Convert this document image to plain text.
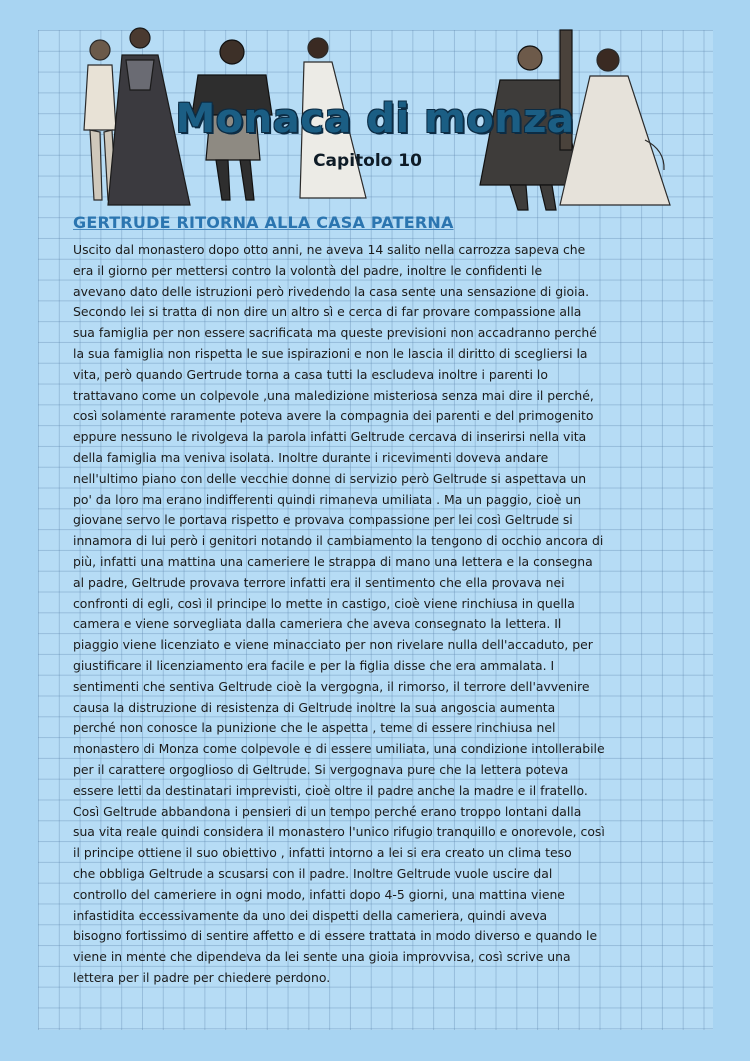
Monaca di monza
Capitolo 10
GERTRUDE RITORNA ALLA CASA PATERNA
Uscito dal monastero dopo otto anni, ne aveva 14 salito nella carrozza sapeva che
era il giorno per mettersi contro la volontà del padre, inoltre le confidenti le
avevano dato delle istruzioni però rivedendo la casa sente una sensazione di gioia.
Secondo lei si tratta di non dire un altro sì e cerca di far provare compassione alla
sua famiglia per non essere sacrificata ma queste previsioni non accadranno perché
la sua famiglia non rispetta le sue ispirazioni e non le lascia il diritto di scegliersi la
vita, però quando Gertrude torna a casa tutti la escludeva inoltre i parenti lo
trattavano come un colpevole ,una maledizione misteriosa senza mai dire il perché,
così solamente raramente poteva avere la compagnia dei parenti e del primogenito
eppure nessuno le rivolgeva la parola infatti Geltrude cercava di inserirsi nella vita
della famiglia ma veniva isolata. Inoltre durante i ricevimenti doveva andare
nell'ultimo piano con delle vecchie donne di servizio però Geltrude si aspettava un
po' da loro ma erano indifferenti quindi rimaneva umiliata . Ma un paggio, cioè un
giovane servo le portava rispetto e provava compassione per lei così Geltrude si
innamora di lui però i genitori notando il cambiamento la tengono di occhio ancora di
più, infatti una mattina una cameriere le strappa di mano una lettera e la consegna
al padre, Geltrude provava terrore infatti era il sentimento che ella provava nei
confronti di egli, così il principe lo mette in castigo, cioè viene rinchiusa in quella
camera e viene sorvegliata dalla cameriera che aveva consegnato la lettera. Il
piaggio viene licenziato e viene minacciato per non rivelare nulla dell'accaduto, per
giustificare il licenziamento era facile e per la figlia disse che era ammalata. I
sentimenti che sentiva Geltrude cioè la vergogna, il rimorso, il terrore dell'avvenire
causa la distruzione di resistenza di Geltrude inoltre la sua angoscia aumenta
perché non conosce la punizione che le aspetta , teme di essere rinchiusa nel
monastero di Monza come colpevole e di essere umiliata, una condizione intollerabile
per il carattere orgoglioso di Geltrude. Si vergognava pure che la lettera poteva
essere letti da destinatari imprevisti, cioè oltre il padre anche la madre e il fratello.
Così Geltrude abbandona i pensieri di un tempo perché erano troppo lontani dalla
sua vita reale quindi considera il monastero l'unico rifugio tranquillo e onorevole, così
il principe ottiene il suo obiettivo , infatti intorno a lei si era creato un clima teso
che obbliga Geltrude a scusarsi con il padre. Inoltre Geltrude vuole uscire dal
controllo del cameriere in ogni modo, infatti dopo 4-5 giorni, una mattina viene
infastidita eccessivamente da uno dei dispetti della cameriera, quindi aveva
bisogno fortissimo di sentire affetto e di essere trattata in modo diverso e quando le
viene in mente che dipendeva da lei sente una gioia improvvisa, così scrive una
lettera per il padre per chiedere perdono.
